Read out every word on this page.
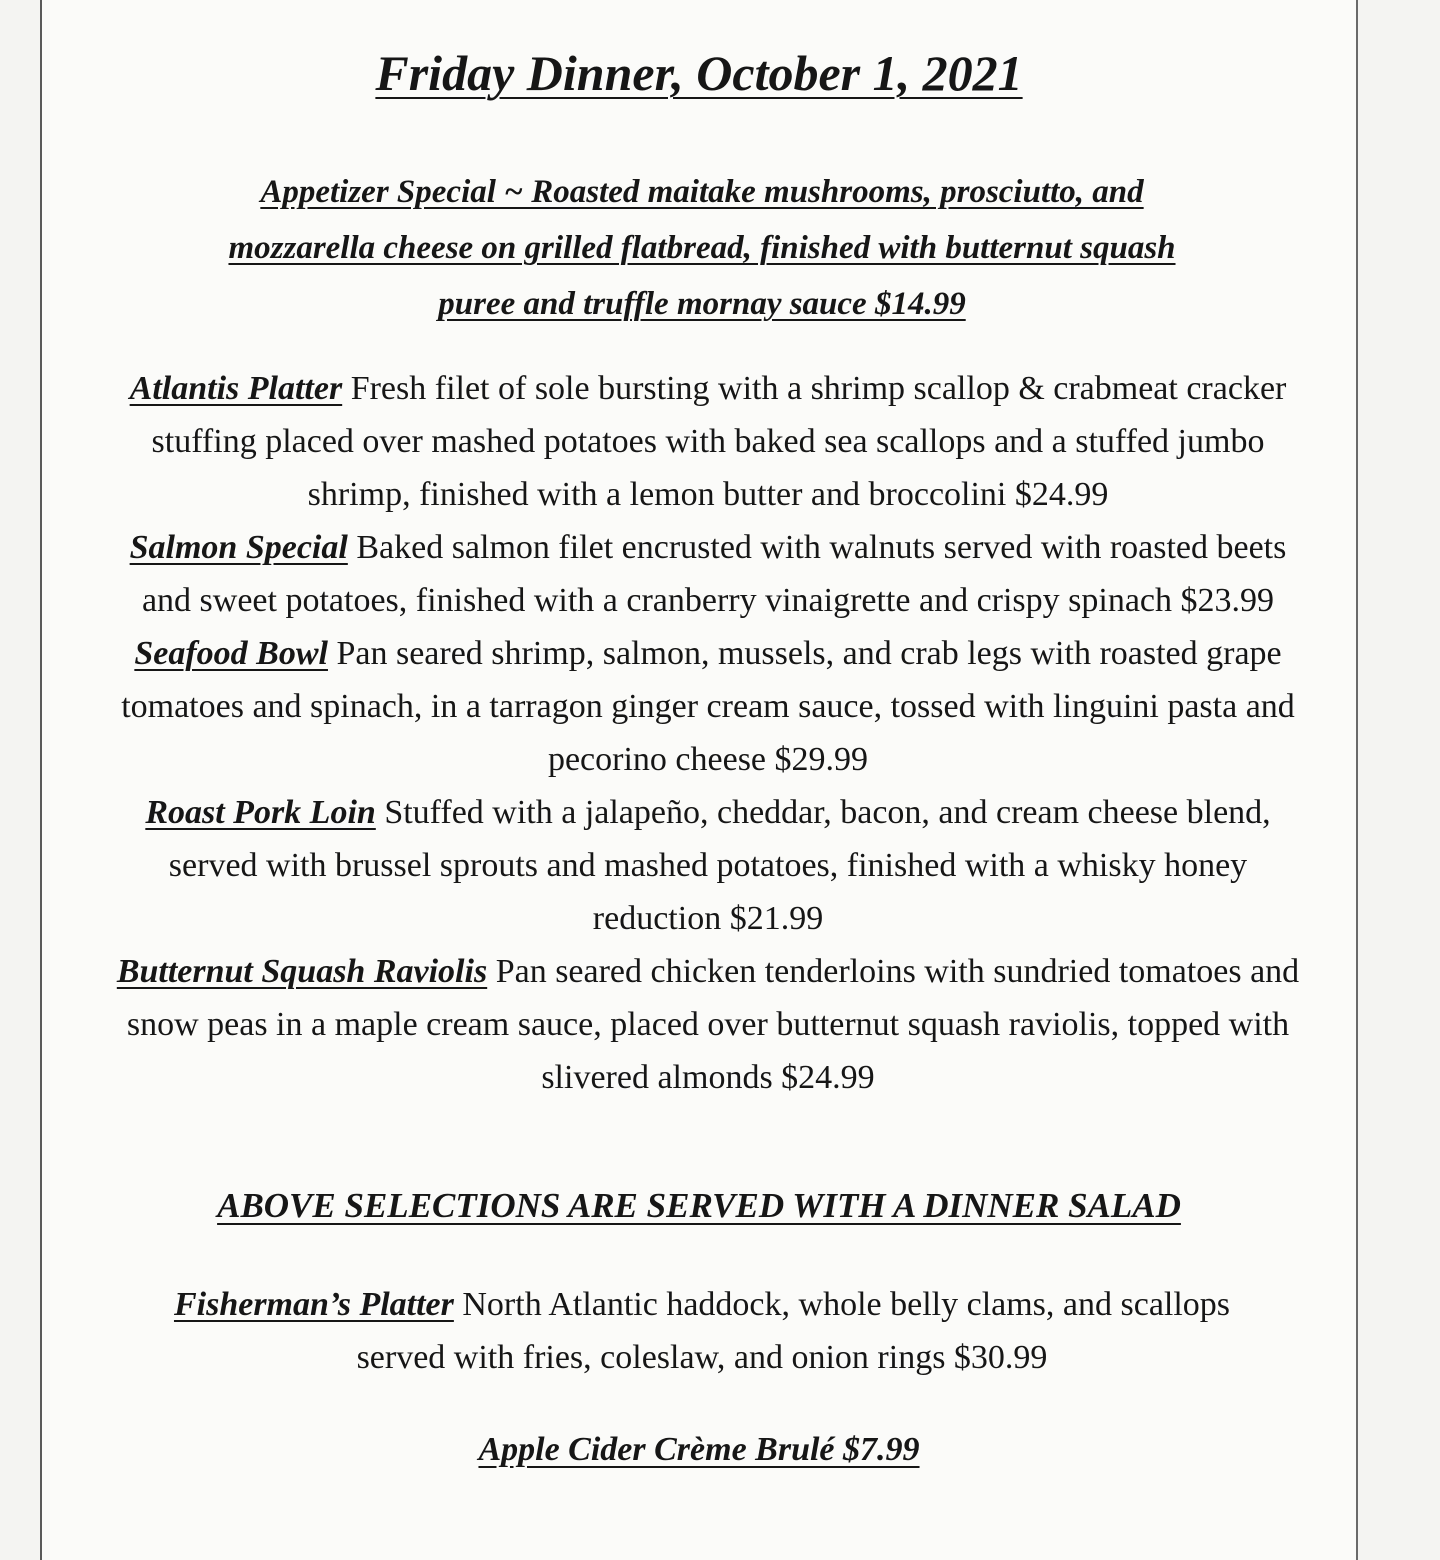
Friday Dinner, October 1, 2021

Appetizer Special ~ Roasted maitake mushrooms, prosciutto, and mozzarella cheese on grilled flatbread, finished with butternut squash puree and truffle mornay sauce $14.99

Atlantis Platter Fresh filet of sole bursting with a shrimp scallop & crabmeat cracker stuffing placed over mashed potatoes with baked sea scallops and a stuffed jumbo shrimp, finished with a lemon butter and broccolini $24.99
Salmon Special Baked salmon filet encrusted with walnuts served with roasted beets and sweet potatoes, finished with a cranberry vinaigrette and crispy spinach $23.99
Seafood Bowl Pan seared shrimp, salmon, mussels, and crab legs with roasted grape tomatoes and spinach, in a tarragon ginger cream sauce, tossed with linguini pasta and pecorino cheese $29.99
Roast Pork Loin Stuffed with a jalapeño, cheddar, bacon, and cream cheese blend, served with brussel sprouts and mashed potatoes, finished with a whisky honey reduction $21.99
Butternut Squash Raviolis Pan seared chicken tenderloins with sundried tomatoes and snow peas in a maple cream sauce, placed over butternut squash raviolis, topped with slivered almonds $24.99

ABOVE SELECTIONS ARE SERVED WITH A DINNER SALAD

Fisherman’s Platter North Atlantic haddock, whole belly clams, and scallops served with fries, coleslaw, and onion rings $30.99

Apple Cider Crème Brulé $7.99
